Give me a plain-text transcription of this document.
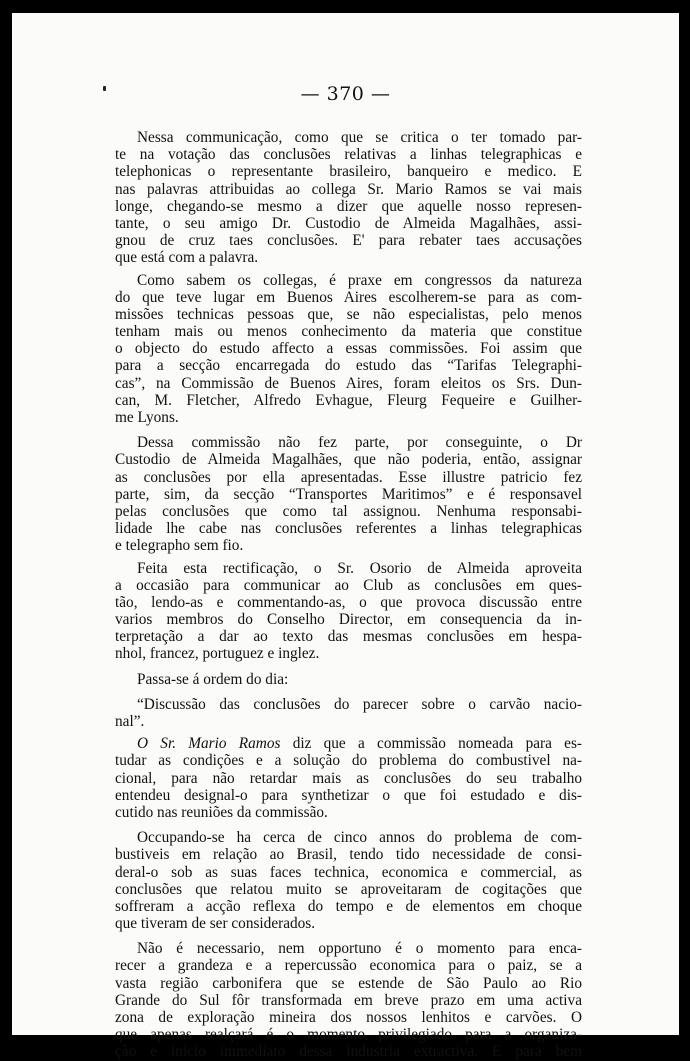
— 370 —
Nessa communicação, como que se critica o ter tomado par-
te na votação das conclusões relativas a linhas telegraphicas e
telephonicas o representante brasileiro, banqueiro e medico. E
nas palavras attribuidas ao collega Sr. Mario Ramos se vai mais
longe, chegando-se mesmo a dizer que aquelle nosso represen-
tante, o seu amigo Dr. Custodio de Almeida Magalhães, assi-
gnou de cruz taes conclusões. E' para rebater taes accusações
que está com a palavra.
Como sabem os collegas, é praxe em congressos da natureza
do que teve lugar em Buenos Aires escolherem-se para as com-
missões technicas pessoas que, se não especialistas, pelo menos
tenham mais ou menos conhecimento da materia que constitue
o objecto do estudo affecto a essas commissões. Foi assim que
para a secção encarregada do estudo das “Tarifas Telegraphi-
cas”, na Commissão de Buenos Aires, foram eleitos os Srs. Dun-
can, M. Fletcher, Alfredo Evhague, Fleurg Fequeire e Guilher-
me Lyons.
Dessa commissão não fez parte, por conseguinte, o Dr
Custodio de Almeida Magalhães, que não poderia, então, assignar
as conclusões por ella apresentadas. Esse illustre patricio fez
parte, sim, da secção “Transportes Maritimos” e é responsavel
pelas conclusões que como tal assignou. Nenhuma responsabi-
lidade lhe cabe nas conclusões referentes a linhas telegraphicas
e telegrapho sem fio.
Feita esta rectificação, o Sr. Osorio de Almeida aproveita
a occasião para communicar ao Club as conclusões em ques-
tão, lendo-as e commentando-as, o que provoca discussão entre
varios membros do Conselho Director, em consequencia da in-
terpretação a dar ao texto das mesmas conclusões em hespa-
nhol, francez, portuguez e inglez.
Passa-se á ordem do dia:
“Discussão das conclusões do parecer sobre o carvão nacio-
nal”.
O Sr. Mario Ramos diz que a commissão nomeada para es-
tudar as condições e a solução do problema do combustivel na-
cional, para não retardar mais as conclusões do seu trabalho
entendeu designal-o para synthetizar o que foi estudado e dis-
cutido nas reuniões da commissão.
Occupando-se ha cerca de cinco annos do problema de com-
bustiveis em relação ao Brasil, tendo tido necessidade de consi-
deral-o sob as suas faces technica, economica e commercial, as
conclusões que relatou muito se aproveitaram de cogitações que
soffreram a acção reflexa do tempo e de elementos em choque
que tiveram de ser considerados.
Não é necessario, nem opportuno é o momento para enca-
recer a grandeza e a repercussão economica para o paiz, se a
vasta região carbonifera que se estende de São Paulo ao Rio
Grande do Sul fôr transformada em breve prazo em uma activa
zona de exploração mineira dos nossos lenhitos e carvões. O
que apenas realçará é o momento privilegiado para a organiza-
ção e inicio immediato dessa industria extractiva. E para bem
